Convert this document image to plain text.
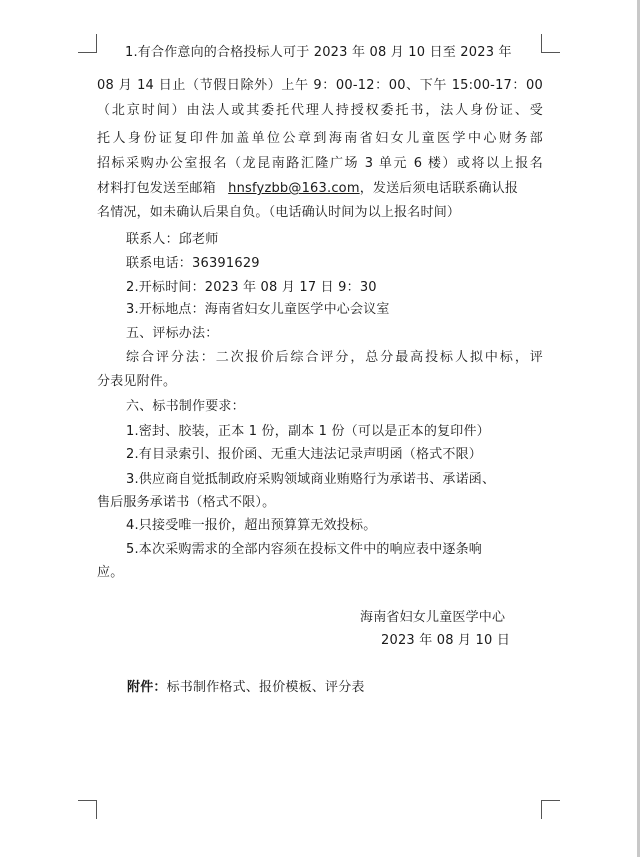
1.有合作意向的合格投标人可于 2023 年 08 月 10 日至 2023 年
08 月 14 日止（节假日除外）上午 9：00-12：00、下午 15:00-17：00
（北京时间）由法人或其委托代理人持授权委托书，法人身份证、受
托人身份证复印件加盖单位公章到海南省妇女儿童医学中心财务部
招标采购办公室报名（龙昆南路汇隆广场 3 单元 6 楼）或将以上报名
材料打包发送至邮箱 hnsfyzbb@163.com，发送后须电话联系确认报
名情况，如未确认后果自负。（电话确认时间为以上报名时间）
联系人：邱老师
联系电话：36391629
2.开标时间：2023 年 08 月 17 日 9：30
3.开标地点：海南省妇女儿童医学中心会议室
五、评标办法：
综合评分法：二次报价后综合评分，总分最高投标人拟中标，评
分表见附件。
六、标书制作要求：
1.密封、胶装，正本 1 份，副本 1 份（可以是正本的复印件）
2.有目录索引、报价函、无重大违法记录声明函（格式不限）
3.供应商自觉抵制政府采购领域商业贿赂行为承诺书、承诺函、
售后服务承诺书（格式不限）。
4.只接受唯一报价，超出预算算无效投标。
5.本次采购需求的全部内容须在投标文件中的响应表中逐条响
应。
海南省妇女儿童医学中心
2023 年 08 月 10 日
附件：标书制作格式、报价模板、评分表
